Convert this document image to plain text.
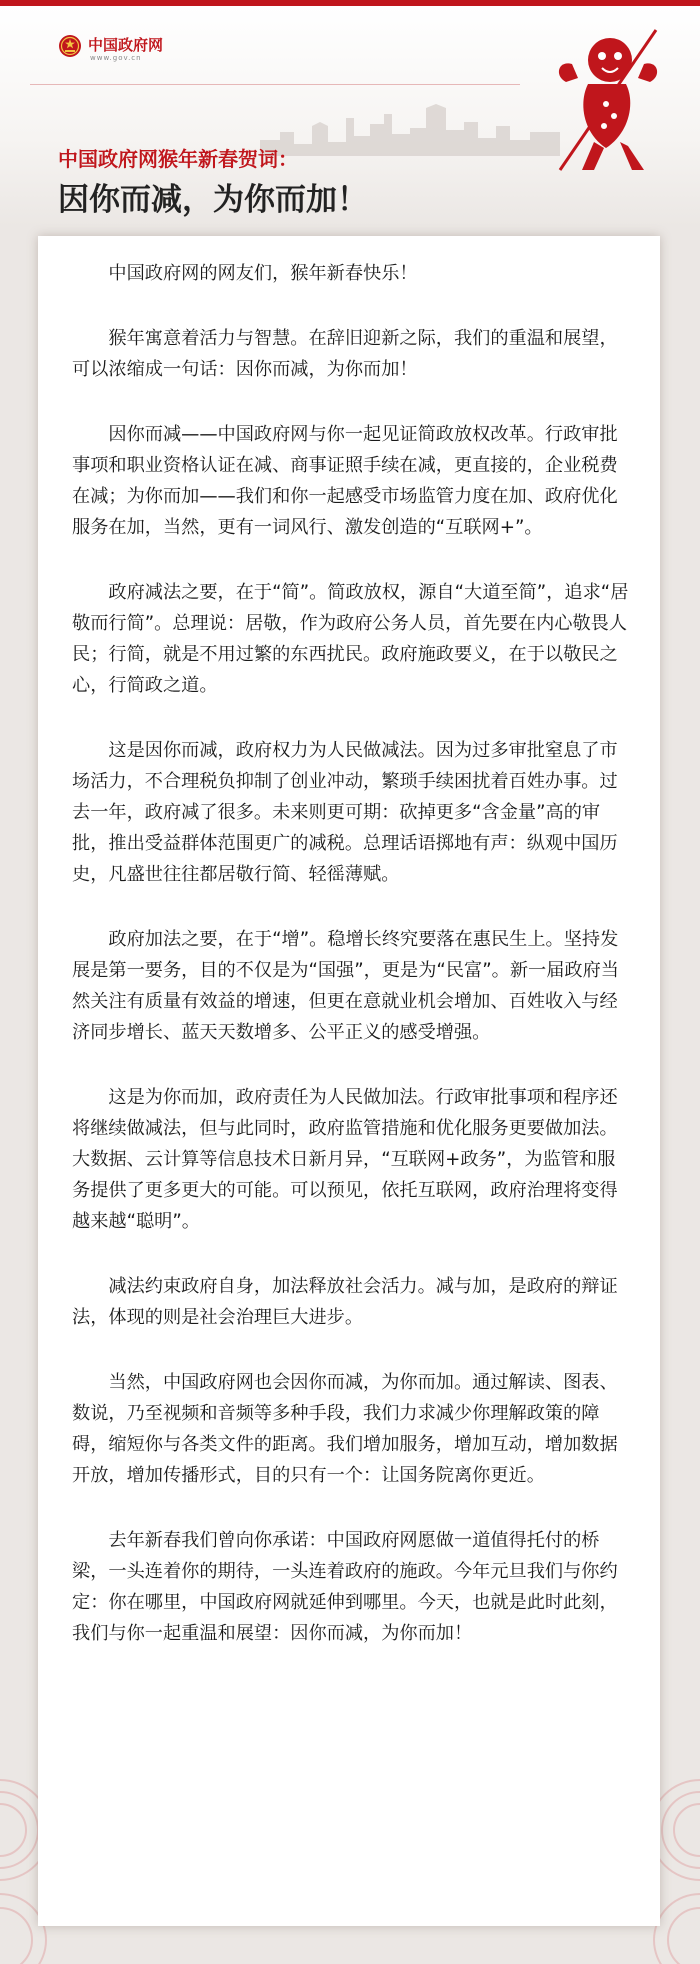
中国政府网
www.gov.cn
中国政府网猴年新春贺词：
因你而减，为你而加！

中国政府网的网友们，猴年新春快乐！

猴年寓意着活力与智慧。在辞旧迎新之际，我们的重温和展望，可以浓缩成一句话：因你而减，为你而加！

因你而减——中国政府网与你一起见证简政放权改革。行政审批事项和职业资格认证在减、商事证照手续在减，更直接的，企业税费在减；为你而加——我们和你一起感受市场监管力度在加、政府优化服务在加，当然，更有一词风行、激发创造的“互联网+”。

政府减法之要，在于“简”。简政放权，源自“大道至简”，追求“居敬而行简”。总理说：居敬，作为政府公务人员，首先要在内心敬畏人民；行简，就是不用过繁的东西扰民。政府施政要义，在于以敬民之心，行简政之道。

这是因你而减，政府权力为人民做减法。因为过多审批窒息了市场活力，不合理税负抑制了创业冲动，繁琐手续困扰着百姓办事。过去一年，政府减了很多。未来则更可期：砍掉更多“含金量”高的审批，推出受益群体范围更广的减税。总理话语掷地有声：纵观中国历史，凡盛世往往都居敬行简、轻徭薄赋。

政府加法之要，在于“增”。稳增长终究要落在惠民生上。坚持发展是第一要务，目的不仅是为“国强”，更是为“民富”。新一届政府当然关注有质量有效益的增速，但更在意就业机会增加、百姓收入与经济同步增长、蓝天天数增多、公平正义的感受增强。

这是为你而加，政府责任为人民做加法。行政审批事项和程序还将继续做减法，但与此同时，政府监管措施和优化服务更要做加法。大数据、云计算等信息技术日新月异，“互联网+政务”，为监管和服务提供了更多更大的可能。可以预见，依托互联网，政府治理将变得越来越“聪明”。

减法约束政府自身，加法释放社会活力。减与加，是政府的辩证法，体现的则是社会治理巨大进步。

当然，中国政府网也会因你而减，为你而加。通过解读、图表、数说，乃至视频和音频等多种手段，我们力求减少你理解政策的障碍，缩短你与各类文件的距离。我们增加服务，增加互动，增加数据开放，增加传播形式，目的只有一个：让国务院离你更近。

去年新春我们曾向你承诺：中国政府网愿做一道值得托付的桥梁，一头连着你的期待，一头连着政府的施政。今年元旦我们与你约定：你在哪里，中国政府网就延伸到哪里。今天，也就是此时此刻，我们与你一起重温和展望：因你而减，为你而加！
